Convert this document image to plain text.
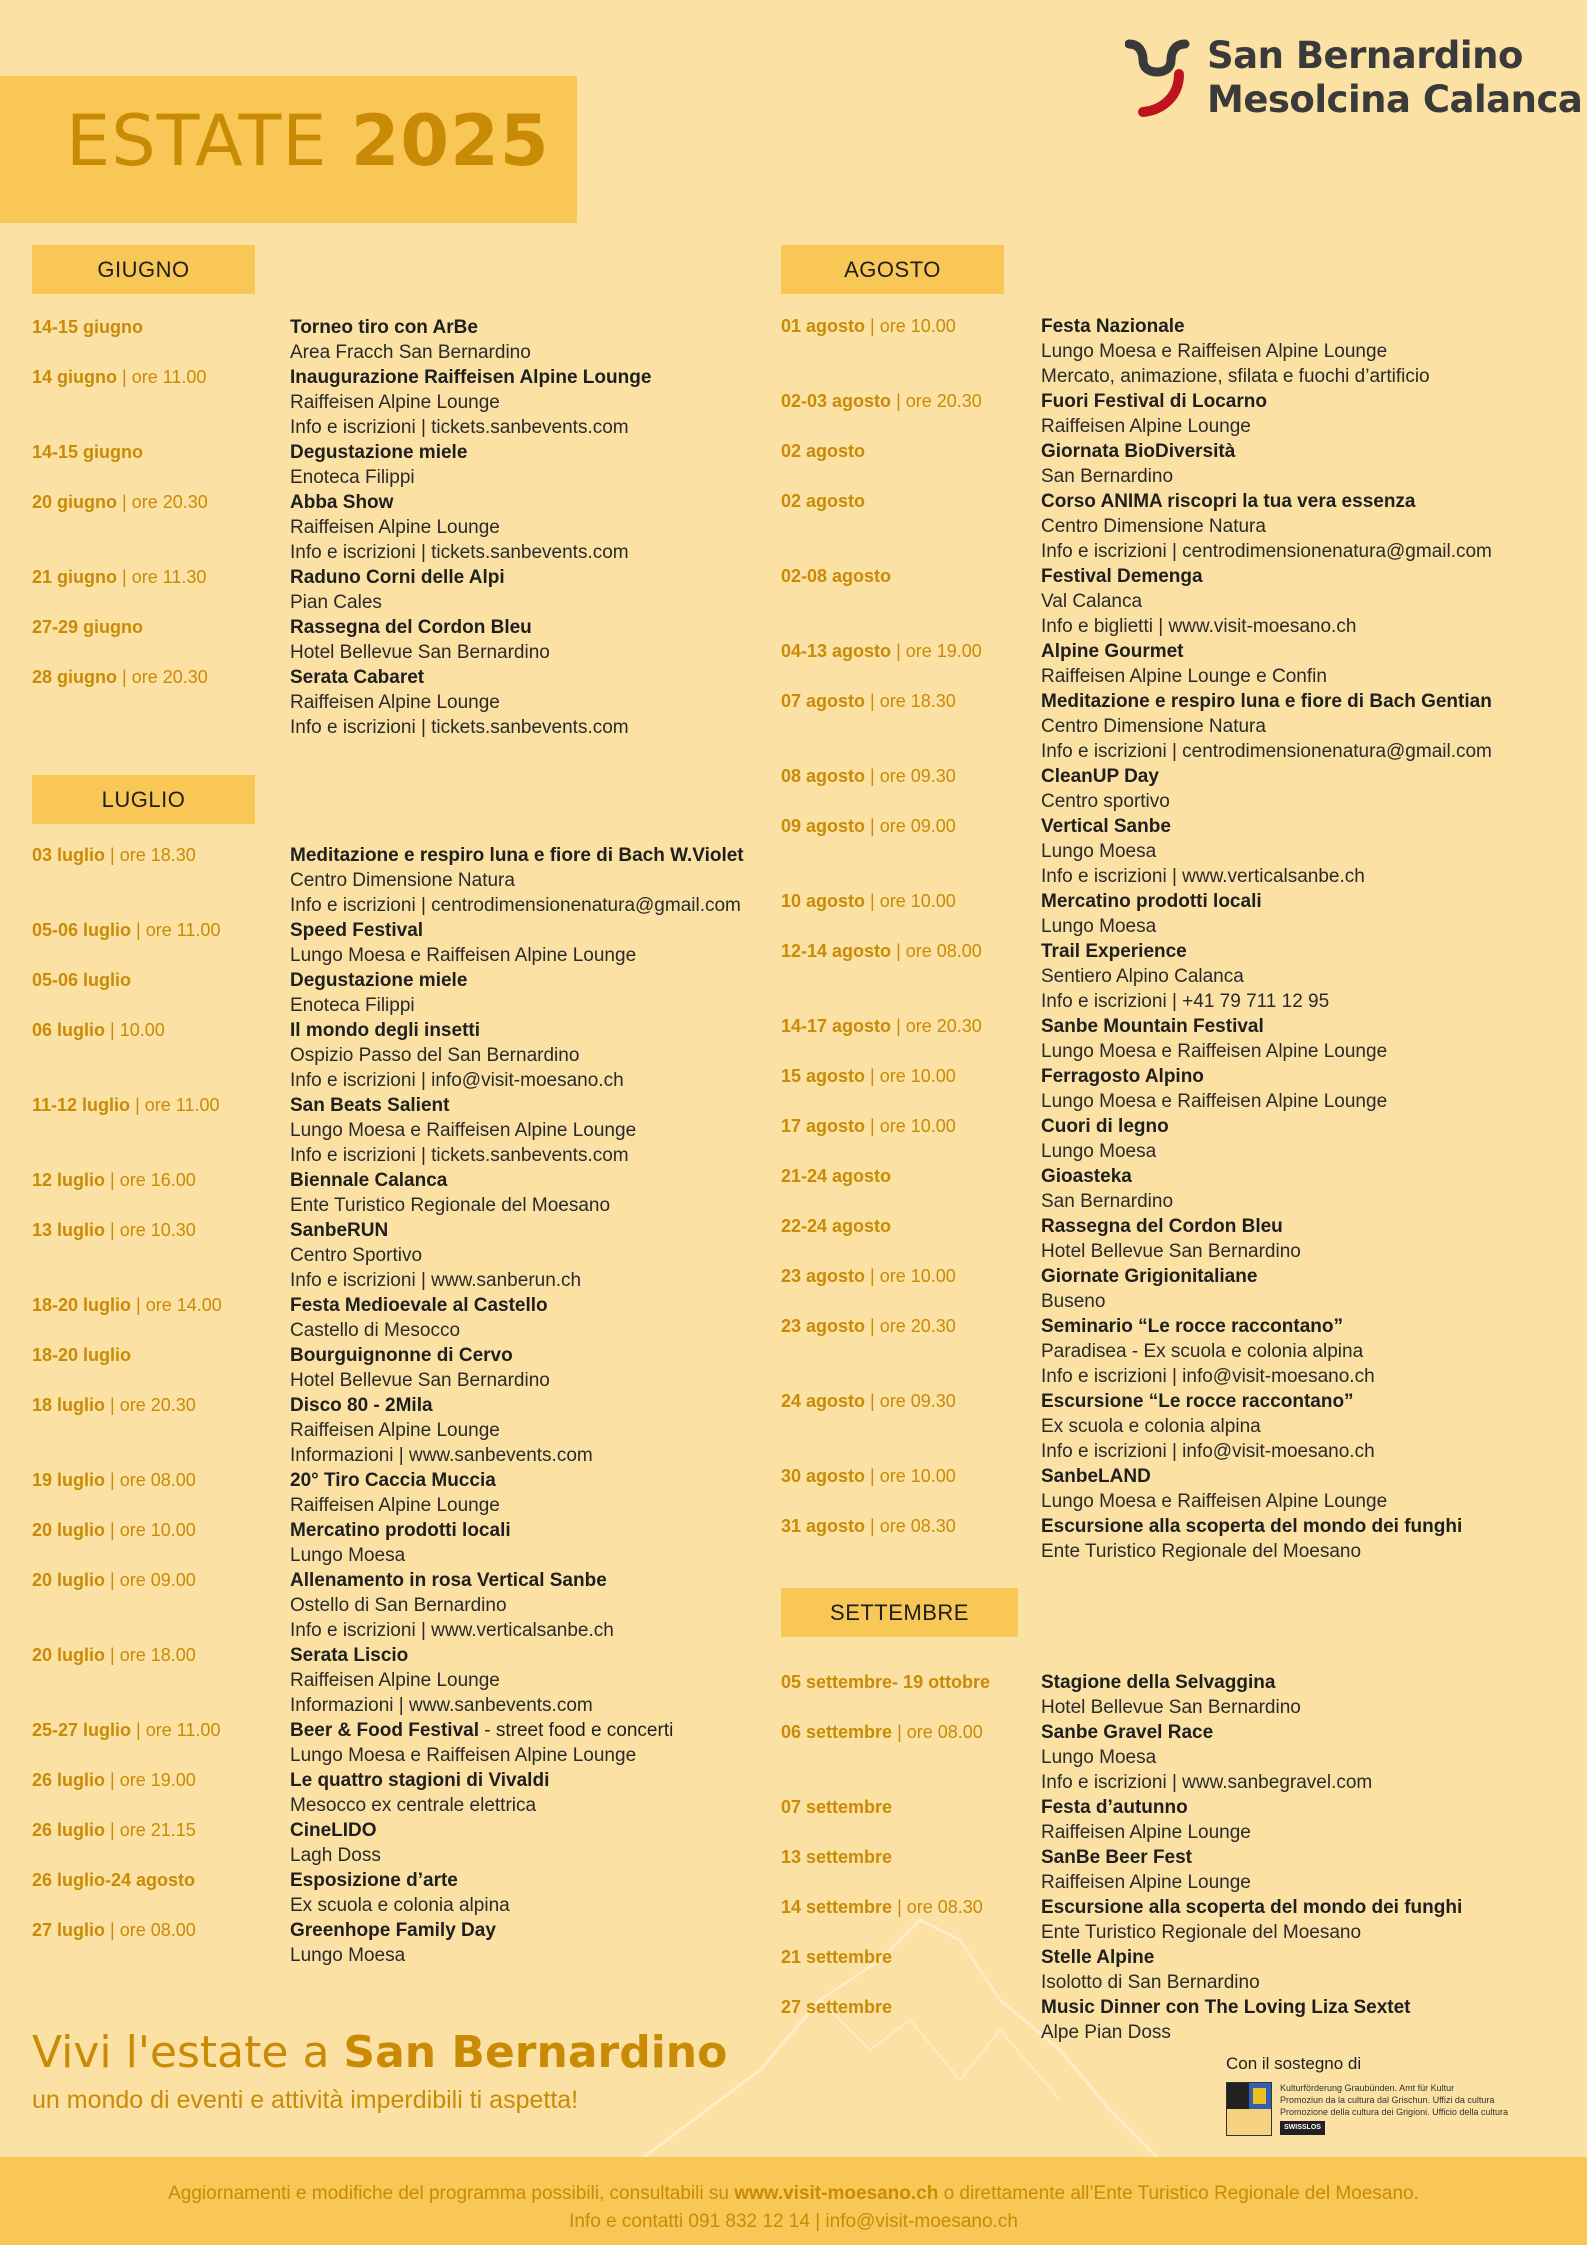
San Bernardino
Mesolcina Calanca
ESTATE 2025
GIUGNO
LUGLIO
AGOSTO
SETTEMBRE
14-15 giugno	Torneo tiro con ArBe
Area Fracch San Bernardino
14 giugno | ore 11.00	Inaugurazione Raiffeisen Alpine Lounge
Raiffeisen Alpine Lounge
Info e iscrizioni | tickets.sanbevents.com
14-15 giugno	Degustazione miele
Enoteca Filippi
20 giugno | ore 20.30	Abba Show
Raiffeisen Alpine Lounge
Info e iscrizioni | tickets.sanbevents.com
21 giugno | ore 11.30	Raduno Corni delle Alpi
Pian Cales
27-29 giugno	Rassegna del Cordon Bleu
Hotel Bellevue San Bernardino
28 giugno | ore 20.30	Serata Cabaret
Raiffeisen Alpine Lounge
Info e iscrizioni | tickets.sanbevents.com
03 luglio | ore 18.30	Meditazione e respiro luna e fiore di Bach W.Violet
Centro Dimensione Natura
Info e iscrizioni | centrodimensionenatura@gmail.com
05-06 luglio | ore 11.00	Speed Festival
Lungo Moesa e Raiffeisen Alpine Lounge
05-06 luglio	Degustazione miele
Enoteca Filippi
06 luglio | 10.00	Il mondo degli insetti
Ospizio Passo del San Bernardino
Info e iscrizioni | info@visit-moesano.ch
11-12 luglio | ore 11.00	San Beats Salient
Lungo Moesa e Raiffeisen Alpine Lounge
Info e iscrizioni | tickets.sanbevents.com
12 luglio | ore 16.00	Biennale Calanca
Ente Turistico Regionale del Moesano
13 luglio | ore 10.30	SanbeRUN
Centro Sportivo
Info e iscrizioni | www.sanberun.ch
18-20 luglio | ore 14.00	Festa Medioevale al Castello
Castello di Mesocco
18-20 luglio	Bourguignonne di Cervo
Hotel Bellevue San Bernardino
18 luglio | ore 20.30	Disco 80 - 2Mila
Raiffeisen Alpine Lounge
Informazioni | www.sanbevents.com
19 luglio | ore 08.00	20° Tiro Caccia Muccia
Raiffeisen Alpine Lounge
20 luglio | ore 10.00	Mercatino prodotti locali
Lungo Moesa
20 luglio | ore 09.00	Allenamento in rosa Vertical Sanbe
Ostello di San Bernardino
Info e iscrizioni | www.verticalsanbe.ch
20 luglio | ore 18.00	Serata Liscio
Raiffeisen Alpine Lounge
Informazioni | www.sanbevents.com
25-27 luglio | ore 11.00	Beer & Food Festival - street food e concerti
Lungo Moesa e Raiffeisen Alpine Lounge
26 luglio | ore 19.00	Le quattro stagioni di Vivaldi
Mesocco ex centrale elettrica
26 luglio | ore 21.15	CineLIDO
Lagh Doss
26 luglio-24 agosto	Esposizione d’arte
Ex scuola e colonia alpina
27 luglio | ore 08.00	Greenhope Family Day
Lungo Moesa
01 agosto | ore 10.00	Festa Nazionale
Lungo Moesa e Raiffeisen Alpine Lounge
Mercato, animazione, sfilata e fuochi d’artificio
02-03 agosto | ore 20.30	Fuori Festival di Locarno
Raiffeisen Alpine Lounge
02 agosto	Giornata BioDiversità
San Bernardino
02 agosto	Corso ANIMA riscopri la tua vera essenza
Centro Dimensione Natura
Info e iscrizioni | centrodimensionenatura@gmail.com
02-08 agosto	Festival Demenga
Val Calanca
Info e biglietti | www.visit-moesano.ch
04-13 agosto | ore 19.00	Alpine Gourmet
Raiffeisen Alpine Lounge e Confin
07 agosto | ore 18.30	Meditazione e respiro luna e fiore di Bach Gentian
Centro Dimensione Natura
Info e iscrizioni | centrodimensionenatura@gmail.com
08 agosto | ore 09.30	CleanUP Day
Centro sportivo
09 agosto | ore 09.00	Vertical Sanbe
Lungo Moesa
Info e iscrizioni | www.verticalsanbe.ch
10 agosto | ore 10.00	Mercatino prodotti locali
Lungo Moesa
12-14 agosto | ore 08.00	Trail Experience
Sentiero Alpino Calanca
Info e iscrizioni | +41 79 711 12 95
14-17 agosto | ore 20.30	Sanbe Mountain Festival
Lungo Moesa e Raiffeisen Alpine Lounge
15 agosto | ore 10.00	Ferragosto Alpino
Lungo Moesa e Raiffeisen Alpine Lounge
17 agosto | ore 10.00	Cuori di legno
Lungo Moesa
21-24 agosto	Gioasteka
San Bernardino
22-24 agosto	Rassegna del Cordon Bleu
Hotel Bellevue San Bernardino
23 agosto | ore 10.00	Giornate Grigionitaliane
Buseno
23 agosto | ore 20.30	Seminario “Le rocce raccontano”
Paradisea - Ex scuola e colonia alpina
Info e iscrizioni | info@visit-moesano.ch
24 agosto | ore 09.30	Escursione “Le rocce raccontano”
Ex scuola e colonia alpina
Info e iscrizioni | info@visit-moesano.ch
30 agosto | ore 10.00	SanbeLAND
Lungo Moesa e Raiffeisen Alpine Lounge
31 agosto | ore 08.30	Escursione alla scoperta del mondo dei funghi
Ente Turistico Regionale del Moesano
05 settembre- 19 ottobre	Stagione della Selvaggina
Hotel Bellevue San Bernardino
06 settembre | ore 08.00	Sanbe Gravel Race
Lungo Moesa
Info e iscrizioni | www.sanbegravel.com
07 settembre	Festa d’autunno
Raiffeisen Alpine Lounge
13 settembre	SanBe Beer Fest
Raiffeisen Alpine Lounge
14 settembre | ore 08.30	Escursione alla scoperta del mondo dei funghi
Ente Turistico Regionale del Moesano
21 settembre	Stelle Alpine
Isolotto di San Bernardino
27 settembre	Music Dinner con The Loving Liza Sextet
Alpe Pian Doss
Vivi l'estate a San Bernardino
un mondo di eventi e attività imperdibili ti aspetta!
Con il sostegno di
Kulturförderung Graubünden. Amt für Kultur
Promoziun da la cultura dal Grischun. Uffizi da cultura
Promozione della cultura dei Grigioni. Ufficio della cultura
SWISSLOS
Aggiornamenti e modifiche del programma possibili, consultabili su www.visit-moesano.ch o direttamente all’Ente Turistico Regionale del Moesano.
Info e contatti 091 832 12 14 | info@visit-moesano.ch
